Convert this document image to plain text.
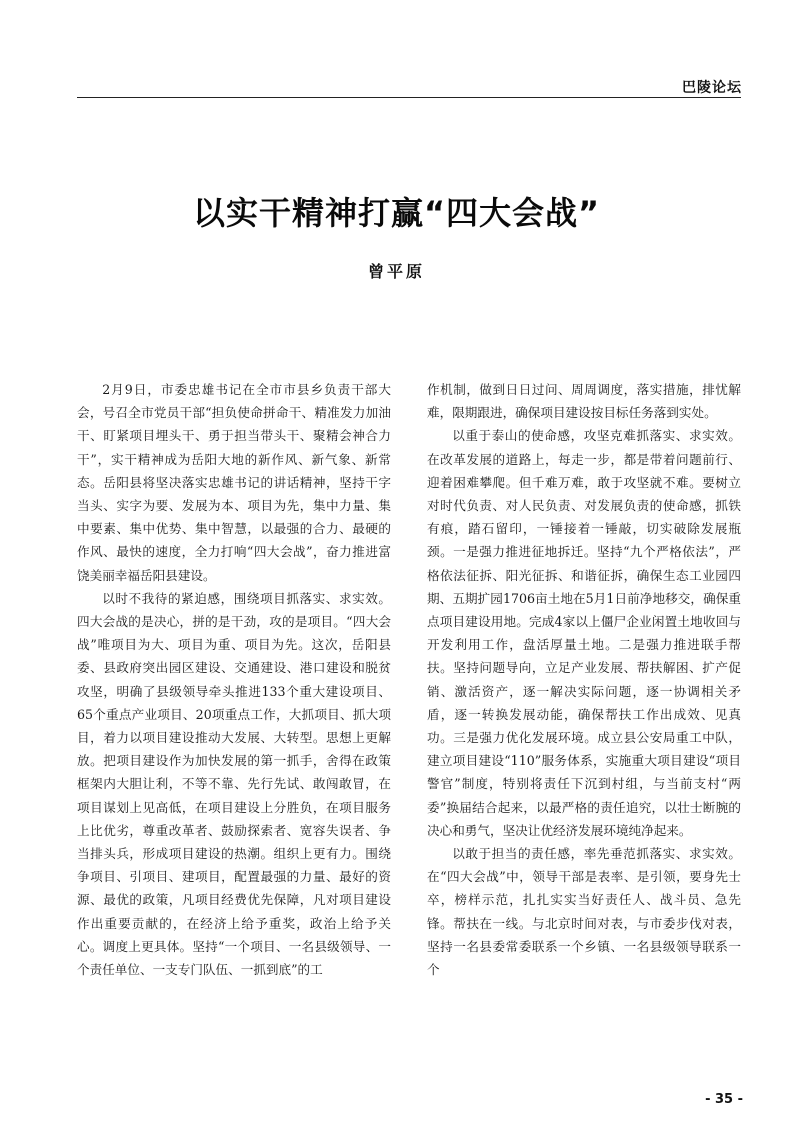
巴陵论坛
以实干精神打赢“四大会战”
曾平原

2月9日，市委忠雄书记在全市市县乡负责干部大会，号召全市党员干部“担负使命拼命干、精准发力加油干、盯紧项目埋头干、勇于担当带头干、聚精会神合力干”，实干精神成为岳阳大地的新作风、新气象、新常态。岳阳县将坚决落实忠雄书记的讲话精神，坚持干字当头、实字为要、发展为本、项目为先，集中力量、集中要素、集中优势、集中智慧，以最强的合力、最硬的作风、最快的速度，全力打响“四大会战”，奋力推进富饶美丽幸福岳阳县建设。

以时不我待的紧迫感，围绕项目抓落实、求实效。四大会战的是决心，拼的是干劲，攻的是项目。“四大会战”唯项目为大、项目为重、项目为先。这次，岳阳县委、县政府突出园区建设、交通建设、港口建设和脱贫攻坚，明确了县级领导牵头推进133个重大建设项目、65个重点产业项目、20项重点工作，大抓项目、抓大项目，着力以项目建设推动大发展、大转型。思想上更解放。把项目建设作为加快发展的第一抓手，舍得在政策框架内大胆让利，不等不靠、先行先试、敢闯敢冒，在项目谋划上见高低，在项目建设上分胜负，在项目服务上比优劣，尊重改革者、鼓励探索者、宽容失误者、争当排头兵，形成项目建设的热潮。组织上更有力。围绕争项目、引项目、建项目，配置最强的力量、最好的资源、最优的政策，凡项目经费优先保障，凡对项目建设作出重要贡献的，在经济上给予重奖，政治上给予关心。调度上更具体。坚持“一个项目、一名县级领导、一个责任单位、一支专门队伍、一抓到底”的工

作机制，做到日日过问、周周调度，落实措施，排忧解难，限期跟进，确保项目建设按目标任务落到实处。

以重于泰山的使命感，攻坚克难抓落实、求实效。在改革发展的道路上，每走一步，都是带着问题前行、迎着困难攀爬。但千难万难，敢于攻坚就不难。要树立对时代负责、对人民负责、对发展负责的使命感，抓铁有痕，踏石留印，一锤接着一锤敲，切实破除发展瓶颈。一是强力推进征地拆迁。坚持“九个严格依法”，严格依法征拆、阳光征拆、和谐征拆，确保生态工业园四期、五期扩园1706亩土地在5月1日前净地移交，确保重点项目建设用地。完成4家以上僵尸企业闲置土地收回与开发利用工作，盘活厚量土地。二是强力推进联手帮扶。坚持问题导向，立足产业发展、帮扶解困、扩产促销、激活资产，逐一解决实际问题，逐一协调相关矛盾，逐一转换发展动能，确保帮扶工作出成效、见真功。三是强力优化发展环境。成立县公安局重工中队，建立项目建设“110”服务体系，实施重大项目建设“项目警官”制度，特别将责任下沉到村组，与当前支村“两委”换届结合起来，以最严格的责任追究，以壮士断腕的决心和勇气，坚决让优经济发展环境纯净起来。

以敢于担当的责任感，率先垂范抓落实、求实效。在“四大会战”中，领导干部是表率、是引领，要身先士卒，榜样示范，扎扎实实当好责任人、战斗员、急先锋。帮扶在一线。与北京时间对表，与市委步伐对表，坚持一名县委常委联系一个乡镇、一名县级领导联系一个

- 35 -
